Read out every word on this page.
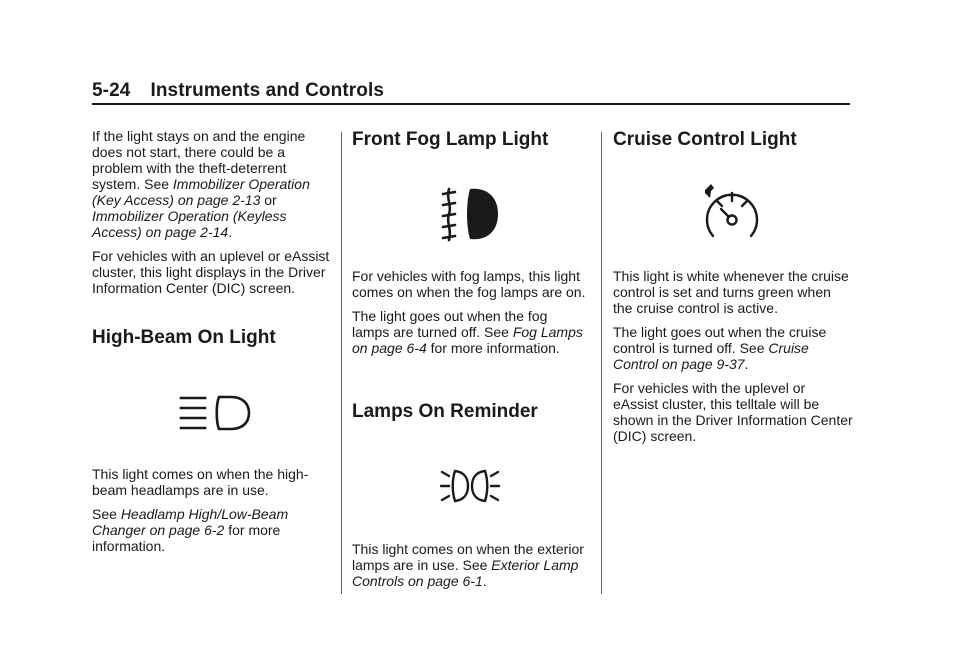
5-24 Instruments and Controls

If the light stays on and the engine does not start, there could be a problem with the theft-deterrent system. See Immobilizer Operation (Key Access) on page 2-13 or Immobilizer Operation (Keyless Access) on page 2-14.

For vehicles with an uplevel or eAssist cluster, this light displays in the Driver Information Center (DIC) screen.

High-Beam On Light

This light comes on when the high-beam headlamps are in use.

See Headlamp High/Low-Beam Changer on page 6-2 for more information.

Front Fog Lamp Light

For vehicles with fog lamps, this light comes on when the fog lamps are on.

The light goes out when the fog lamps are turned off. See Fog Lamps on page 6-4 for more information.

Lamps On Reminder

This light comes on when the exterior lamps are in use. See Exterior Lamp Controls on page 6-1.

Cruise Control Light

This light is white whenever the cruise control is set and turns green when the cruise control is active.

The light goes out when the cruise control is turned off. See Cruise Control on page 9-37.

For vehicles with the uplevel or eAssist cluster, this telltale will be shown in the Driver Information Center (DIC) screen.
